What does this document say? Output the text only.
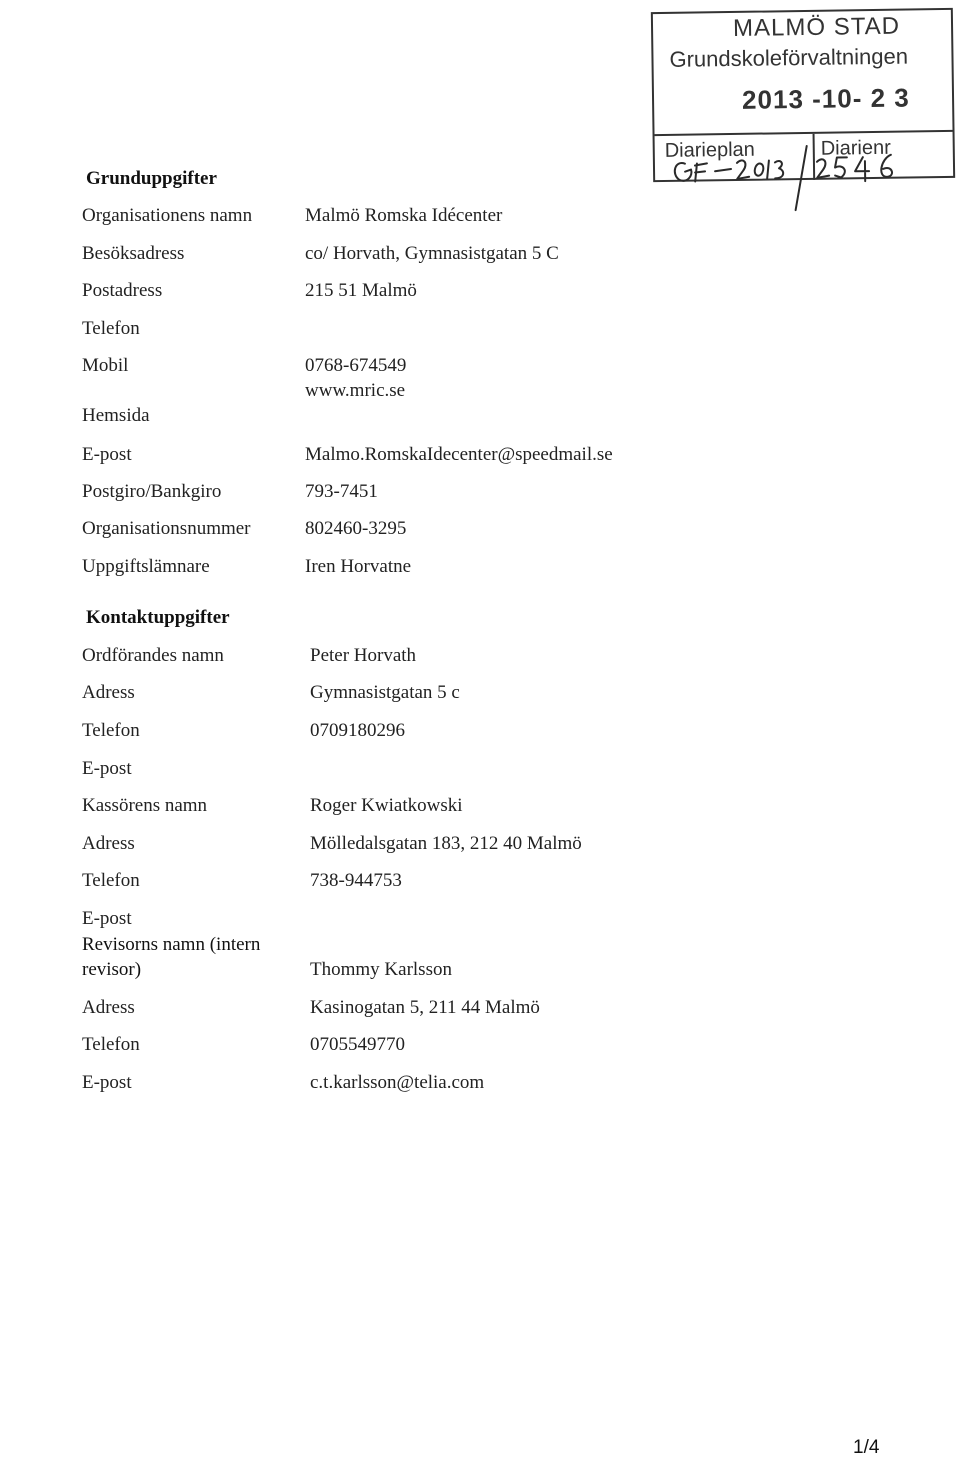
MALMÖ STAD
Grundskoleförvaltningen
2013 -10- 2 3
Diarieplan	Diarienr
Grunduppgifter
Organisationens namn	Malmö Romska Idécenter
Besöksadress	co/ Horvath, Gymnasistgatan 5 C
Postadress	215 51 Malmö
Telefon
Mobil	0768-674549
Hemsida
www.mric.se
E-post	Malmo.RomskaIdecenter@speedmail.se
Postgiro/Bankgiro	793-7451
Organisationsnummer	802460-3295
Uppgiftslämnare	Iren Horvatne
Kontaktuppgifter
Ordförandes namn	Peter Horvath
Adress	Gymnasistgatan 5 c
Telefon	0709180296
E-post
Kassörens namn	Roger Kwiatkowski
Adress	Mölledalsgatan 183, 212 40 Malmö
Telefon	738-944753
E-post
Revisorns namn (intern revisor)	Thommy Karlsson
Adress	Kasinogatan 5, 211 44 Malmö
Telefon	0705549770
E-post	c.t.karlsson@telia.com
1/4
